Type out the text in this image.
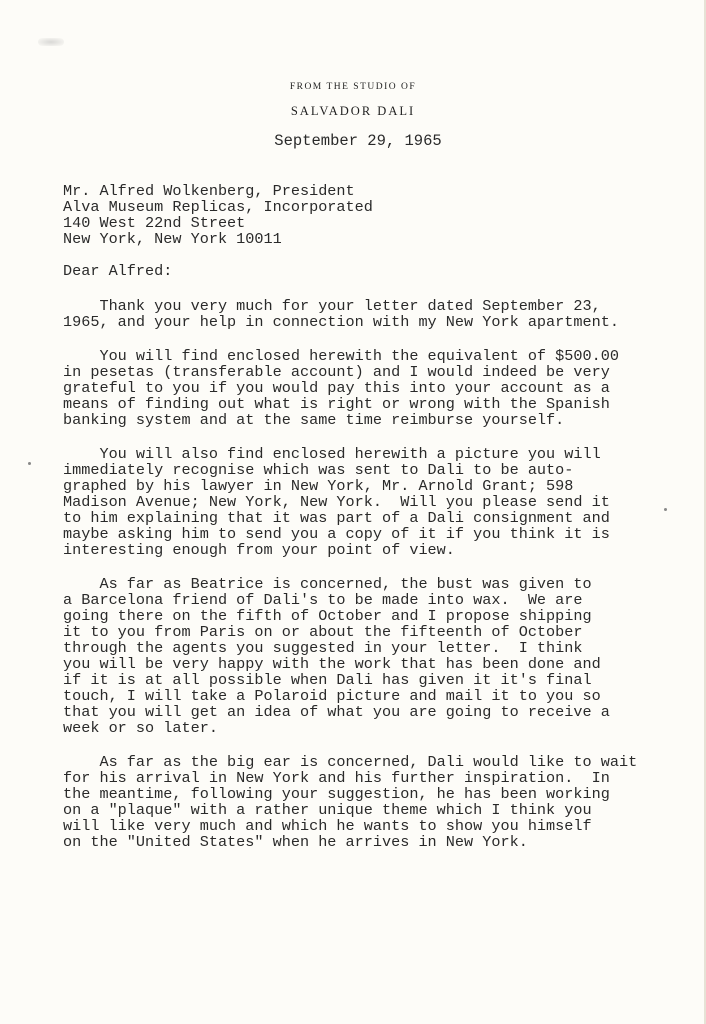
FROM THE STUDIO OF
SALVADOR DALI
September 29, 1965
Mr. Alfred Wolkenberg, President
Alva Museum Replicas, Incorporated
140 West 22nd Street
New York, New York 10011
Dear Alfred:
Thank you very much for your letter dated September 23,
1965, and your help in connection with my New York apartment.
You will find enclosed herewith the equivalent of $500.00
in pesetas (transferable account) and I would indeed be very
grateful to you if you would pay this into your account as a
means of finding out what is right or wrong with the Spanish
banking system and at the same time reimburse yourself.
You will also find enclosed herewith a picture you will
immediately recognise which was sent to Dali to be auto-
graphed by his lawyer in New York, Mr. Arnold Grant; 598
Madison Avenue; New York, New York.  Will you please send it
to him explaining that it was part of a Dali consignment and
maybe asking him to send you a copy of it if you think it is
interesting enough from your point of view.
As far as Beatrice is concerned, the bust was given to
a Barcelona friend of Dali's to be made into wax.  We are
going there on the fifth of October and I propose shipping
it to you from Paris on or about the fifteenth of October
through the agents you suggested in your letter.  I think
you will be very happy with the work that has been done and
if it is at all possible when Dali has given it it's final
touch, I will take a Polaroid picture and mail it to you so
that you will get an idea of what you are going to receive a
week or so later.
As far as the big ear is concerned, Dali would like to wait
for his arrival in New York and his further inspiration.  In
the meantime, following your suggestion, he has been working
on a "plaque" with a rather unique theme which I think you
will like very much and which he wants to show you himself
on the "United States" when he arrives in New York.
